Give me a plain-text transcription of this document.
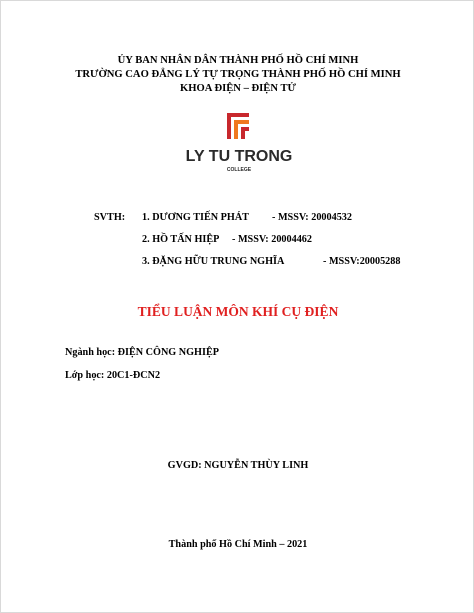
ỦY BAN NHÂN DÂN THÀNH PHỐ HỒ CHÍ MINH
TRƯỜNG CAO ĐẲNG LÝ TỰ TRỌNG THÀNH PHỐ HỒ CHÍ MINH
KHOA ĐIỆN – ĐIỆN TỬ
LY TU TRONG
COLLEGE
SVTH: 1. DƯƠNG TIẾN PHÁT - MSSV: 20004532
2. HỒ TẤN HIỆP - MSSV: 20004462
3. ĐẶNG HỮU TRUNG NGHĨA	- MSSV:20005288
TIỂU LUẬN MÔN KHÍ CỤ ĐIỆN
Ngành học: ĐIỆN CÔNG NGHIỆP
Lớp học: 20C1-ĐCN2
GVGD: NGUYỄN THÙY LINH
Thành phố Hồ Chí Minh – 2021
